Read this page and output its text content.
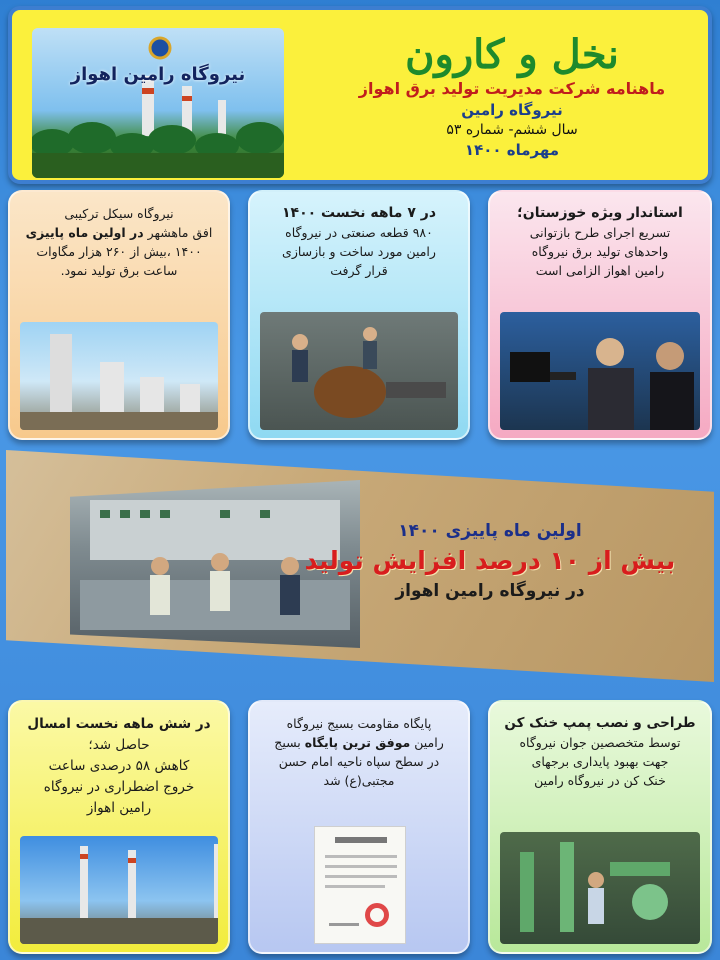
نیروگاه رامین اهواز	نخل و کارون
ماهنامه شرکت مدیریت تولید برق اهواز
نیروگاه رامین
سال ششم- شماره ۵۳
مهرماه ۱۴۰۰
نیروگاه سیکل ترکیبی
افق ماهشهر در اولین ماه پاییزی
۱۴۰۰ ،بیش از ۲۶۰ هزار مگاوات
ساعت برق تولید نمود.
در ۷ ماهه نخست ۱۴۰۰
۹۸۰ قطعه صنعتی در نیروگاه
رامین مورد ساخت و بازسازی
قرار گرفت
استاندار ویژه خوزستان؛
تسریع اجرای طرح بازتوانی
واحدهای تولید برق نیروگاه
رامین اهواز الزامی است
اولین ماه پاییزی ۱۴۰۰
بیش از ۱۰ درصد افزایش تولید
در نیروگاه رامین اهواز
در شش ماهه نخست امسال
حاصل شد؛
کاهش ۵۸ درصدی ساعت
خروج اضطراری در نیروگاه
رامین اهواز
پایگاه مقاومت بسیج نیروگاه
رامین موفق ترین پایگاه بسیج
در سطح سپاه ناحیه امام حسن
مجتبی(ع) شد
طراحی و نصب پمپ خنک کن
توسط متخصصین جوان نیروگاه
جهت بهبود پایداری برجهای
خنک کن در نیروگاه رامین
